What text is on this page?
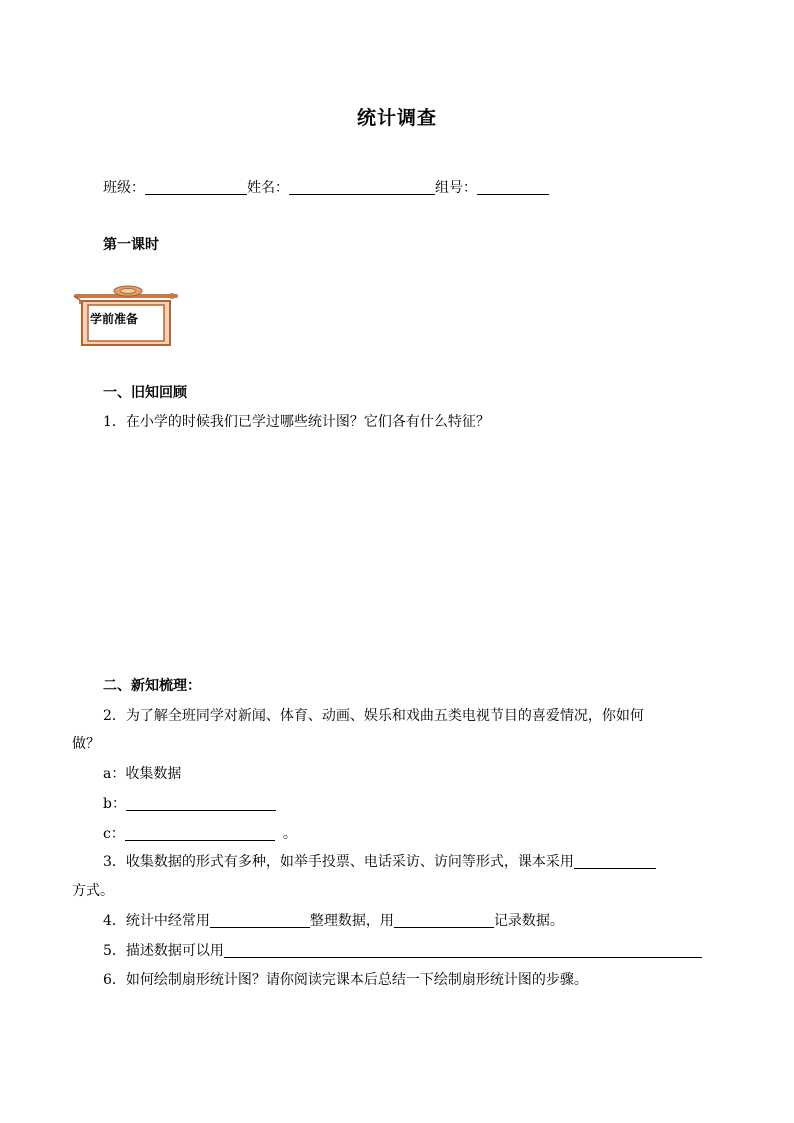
统计调查
班级：	姓名：	组号：
第一课时
学前准备
一、旧知回顾
1．在小学的时候我们已学过哪些统计图？它们各有什么特征？
二、新知梳理：
2．为了解全班同学对新闻、体育、动画、娱乐和戏曲五类电视节目的喜爱情况，你如何
做？
a：收集数据
b：
c：	。
3．收集数据的形式有多种，如举手投票、电话采访、访问等形式，课本采用
方式。
4．统计中经常用	整理数据，用	记录数据。
5．描述数据可以用
6．如何绘制扇形统计图？请你阅读完课本后总结一下绘制扇形统计图的步骤。
